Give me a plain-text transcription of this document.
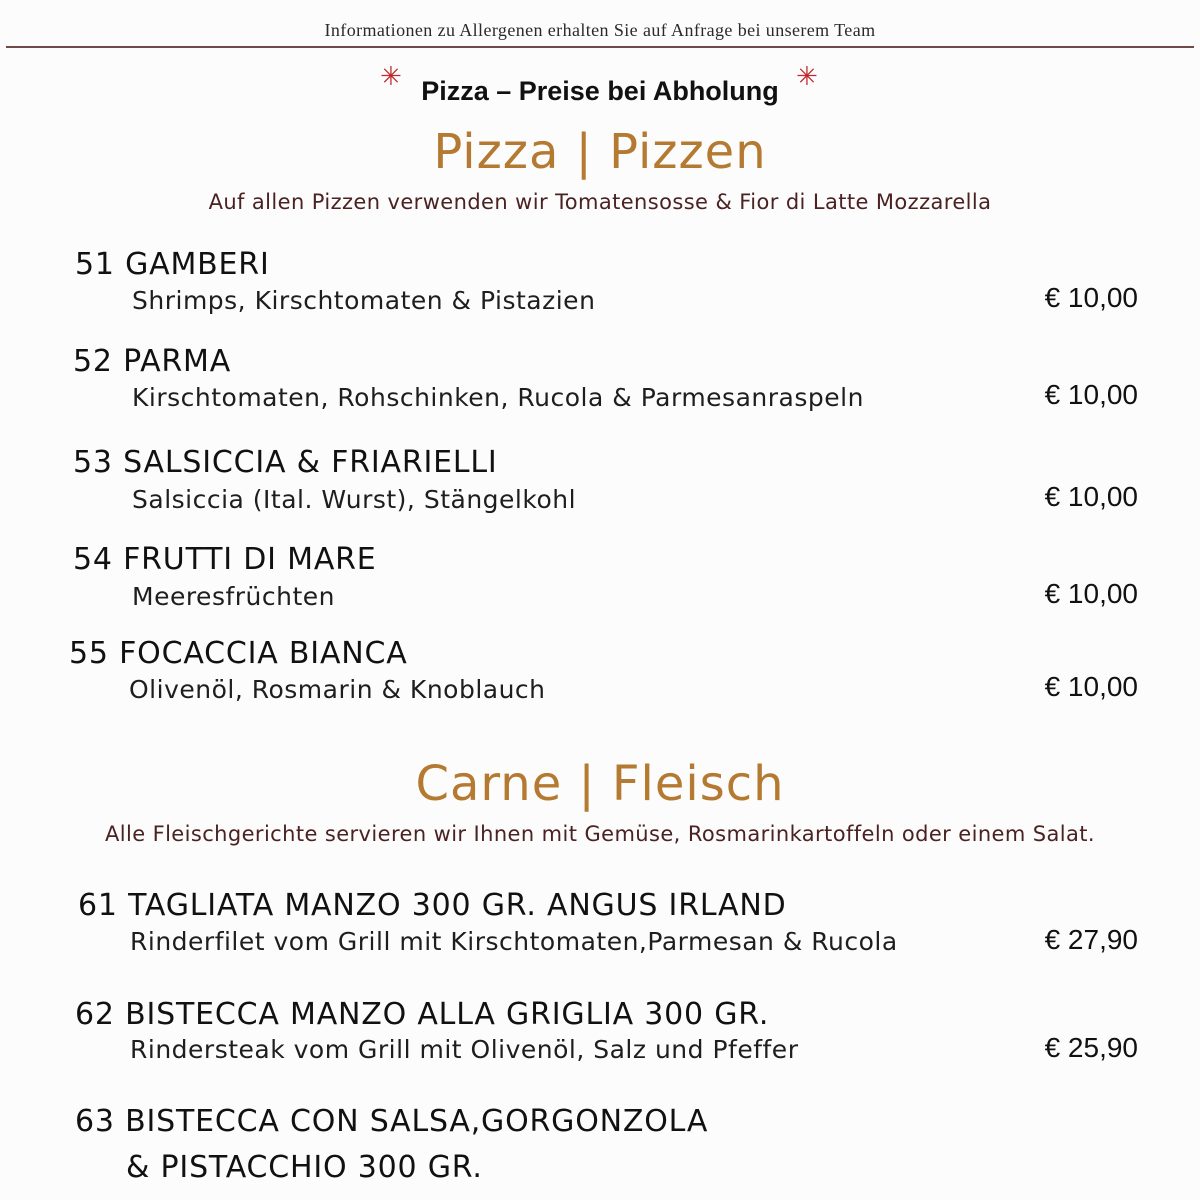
Informationen zu Allergenen erhalten Sie auf Anfrage bei unserem Team
✳ Pizza – Preise bei Abholung ✳
Pizza | Pizzen
Auf allen Pizzen verwenden wir Tomatensosse & Fior di Latte Mozzarella
51 GAMBERI
Shrimps, Kirschtomaten & Pistazien	€ 10,00
52 PARMA
Kirschtomaten, Rohschinken, Rucola & Parmesanraspeln	€ 10,00
53 SALSICCIA & FRIARIELLI
Salsiccia (Ital. Wurst), Stängelkohl	€ 10,00
54 FRUTTI DI MARE
Meeresfrüchten	€ 10,00
55 FOCACCIA BIANCA
Olivenöl, Rosmarin & Knoblauch	€ 10,00
Carne | Fleisch
Alle Fleischgerichte servieren wir Ihnen mit Gemüse, Rosmarinkartoffeln oder einem Salat.
61 TAGLIATA MANZO 300 GR. ANGUS IRLAND
Rinderfilet vom Grill mit Kirschtomaten,Parmesan & Rucola	€ 27,90
62 BISTECCA MANZO ALLA GRIGLIA 300 GR.
Rindersteak vom Grill mit Olivenöl, Salz und Pfeffer	€ 25,90
63 BISTECCA CON SALSA,GORGONZOLA
& PISTACCHIO 300 GR.
